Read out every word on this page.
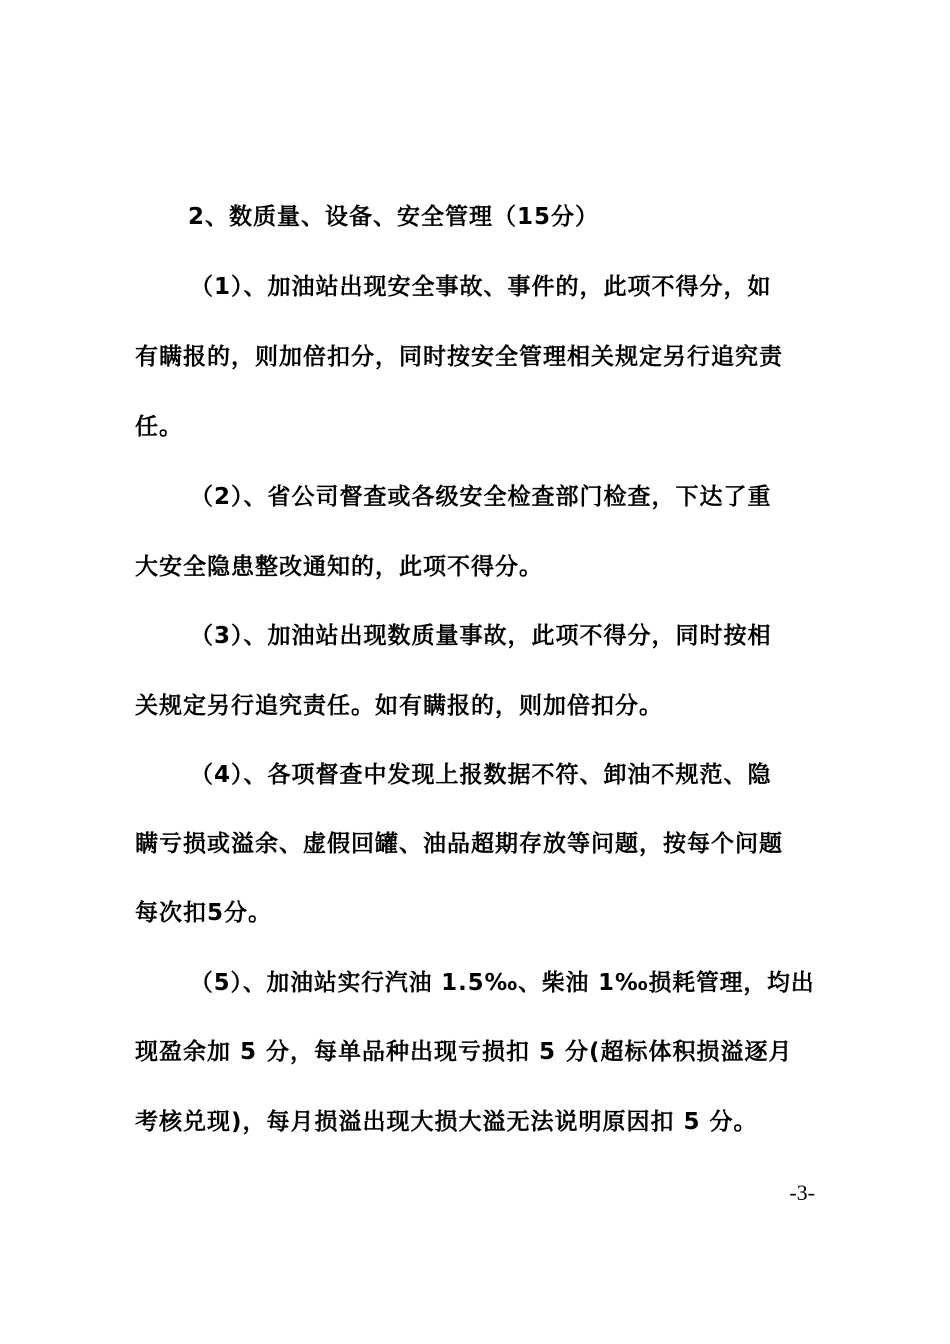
2、数质量、设备、安全管理（15分）
（1）、加油站出现安全事故、事件的，此项不得分，如
有瞒报的，则加倍扣分，同时按安全管理相关规定另行追究责
任。
（2）、省公司督查或各级安全检查部门检查，下达了重
大安全隐患整改通知的，此项不得分。
（3）、加油站出现数质量事故，此项不得分，同时按相
关规定另行追究责任。如有瞒报的，则加倍扣分。
（4）、各项督查中发现上报数据不符、卸油不规范、隐
瞒亏损或溢余、虚假回罐、油品超期存放等问题，按每个问题
每次扣5分。
（5）、加油站实行汽油 1.5‰、柴油 1‰损耗管理，均出
现盈余加 5 分，每单品种出现亏损扣 5 分(超标体积损溢逐月
考核兑现)，每月损溢出现大损大溢无法说明原因扣 5 分。
-3-
